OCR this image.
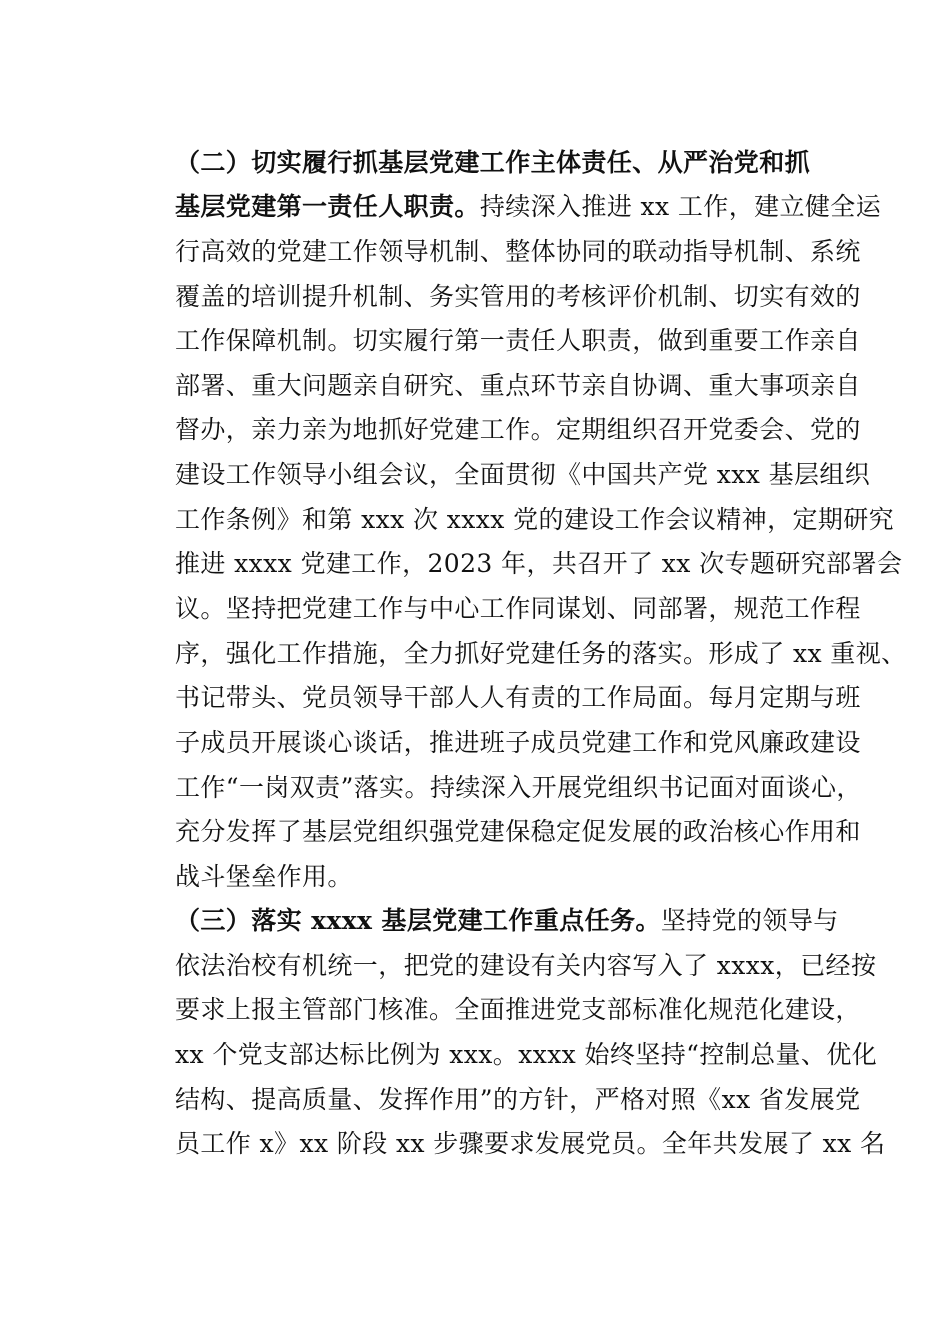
（二）切实履行抓基层党建工作主体责任、从严治党和抓
基层党建第一责任人职责。持续深入推进 xx 工作，建立健全运
行高效的党建工作领导机制、整体协同的联动指导机制、系统
覆盖的培训提升机制、务实管用的考核评价机制、切实有效的
工作保障机制。切实履行第一责任人职责，做到重要工作亲自
部署、重大问题亲自研究、重点环节亲自协调、重大事项亲自
督办，亲力亲为地抓好党建工作。定期组织召开党委会、党的
建设工作领导小组会议，全面贯彻《中国共产党 xxx 基层组织
工作条例》和第 xxx 次 xxxx 党的建设工作会议精神，定期研究
推进 xxxx 党建工作，2023 年，共召开了 xx 次专题研究部署会
议。坚持把党建工作与中心工作同谋划、同部署，规范工作程
序，强化工作措施，全力抓好党建任务的落实。形成了 xx 重视、
书记带头、党员领导干部人人有责的工作局面。每月定期与班
子成员开展谈心谈话，推进班子成员党建工作和党风廉政建设
工作“一岗双责”落实。持续深入开展党组织书记面对面谈心，
充分发挥了基层党组织强党建保稳定促发展的政治核心作用和
战斗堡垒作用。
（三）落实 xxxx 基层党建工作重点任务。坚持党的领导与
依法治校有机统一，把党的建设有关内容写入了 xxxx，已经按
要求上报主管部门核准。全面推进党支部标准化规范化建设，
xx 个党支部达标比例为 xxx。xxxx 始终坚持“控制总量、优化
结构、提高质量、发挥作用”的方针，严格对照《xx 省发展党
员工作 x》xx 阶段 xx 步骤要求发展党员。全年共发展了 xx 名
